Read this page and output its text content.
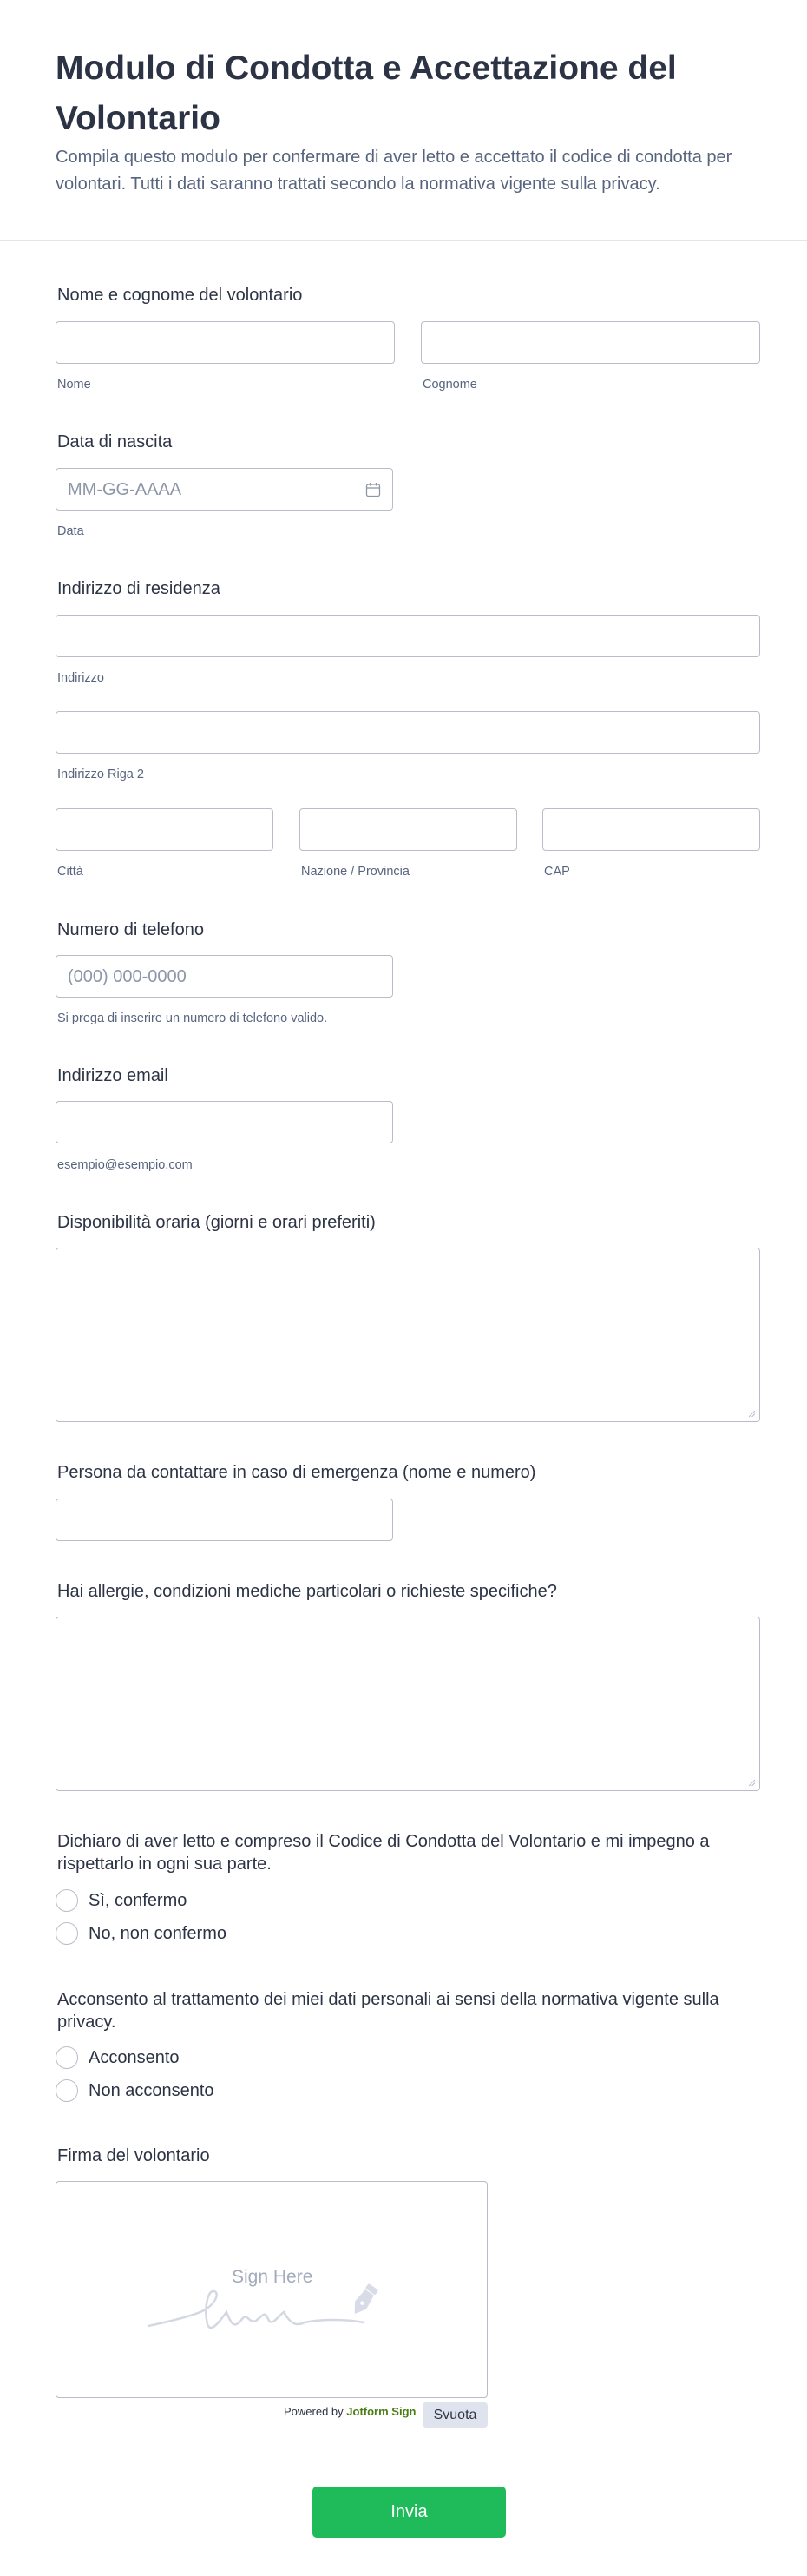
Modulo di Condotta e Accettazione del Volontario

Compila questo modulo per confermare di aver letto e accettato il codice di condotta per volontari. Tutti i dati saranno trattati secondo la normativa vigente sulla privacy.

Nome e cognome del volontario
Nome	Cognome
Data di nascita
MM-GG-AAAA
Data
Indirizzo di residenza
Indirizzo
Indirizzo Riga 2
Città	Nazione / Provincia	CAP
Numero di telefono
(000) 000-0000
Si prega di inserire un numero di telefono valido.
Indirizzo email
esempio@esempio.com
Disponibilità oraria (giorni e orari preferiti)
Persona da contattare in caso di emergenza (nome e numero)
Hai allergie, condizioni mediche particolari o richieste specifiche?
Dichiaro di aver letto e compreso il Codice di Condotta del Volontario e mi impegno a rispettarlo in ogni sua parte.
Sì, confermo
No, non confermo
Acconsento al trattamento dei miei dati personali ai sensi della normativa vigente sulla privacy.
Acconsento
Non acconsento
Firma del volontario
Sign Here
Powered by Jotform Sign	Svuota
Invia
